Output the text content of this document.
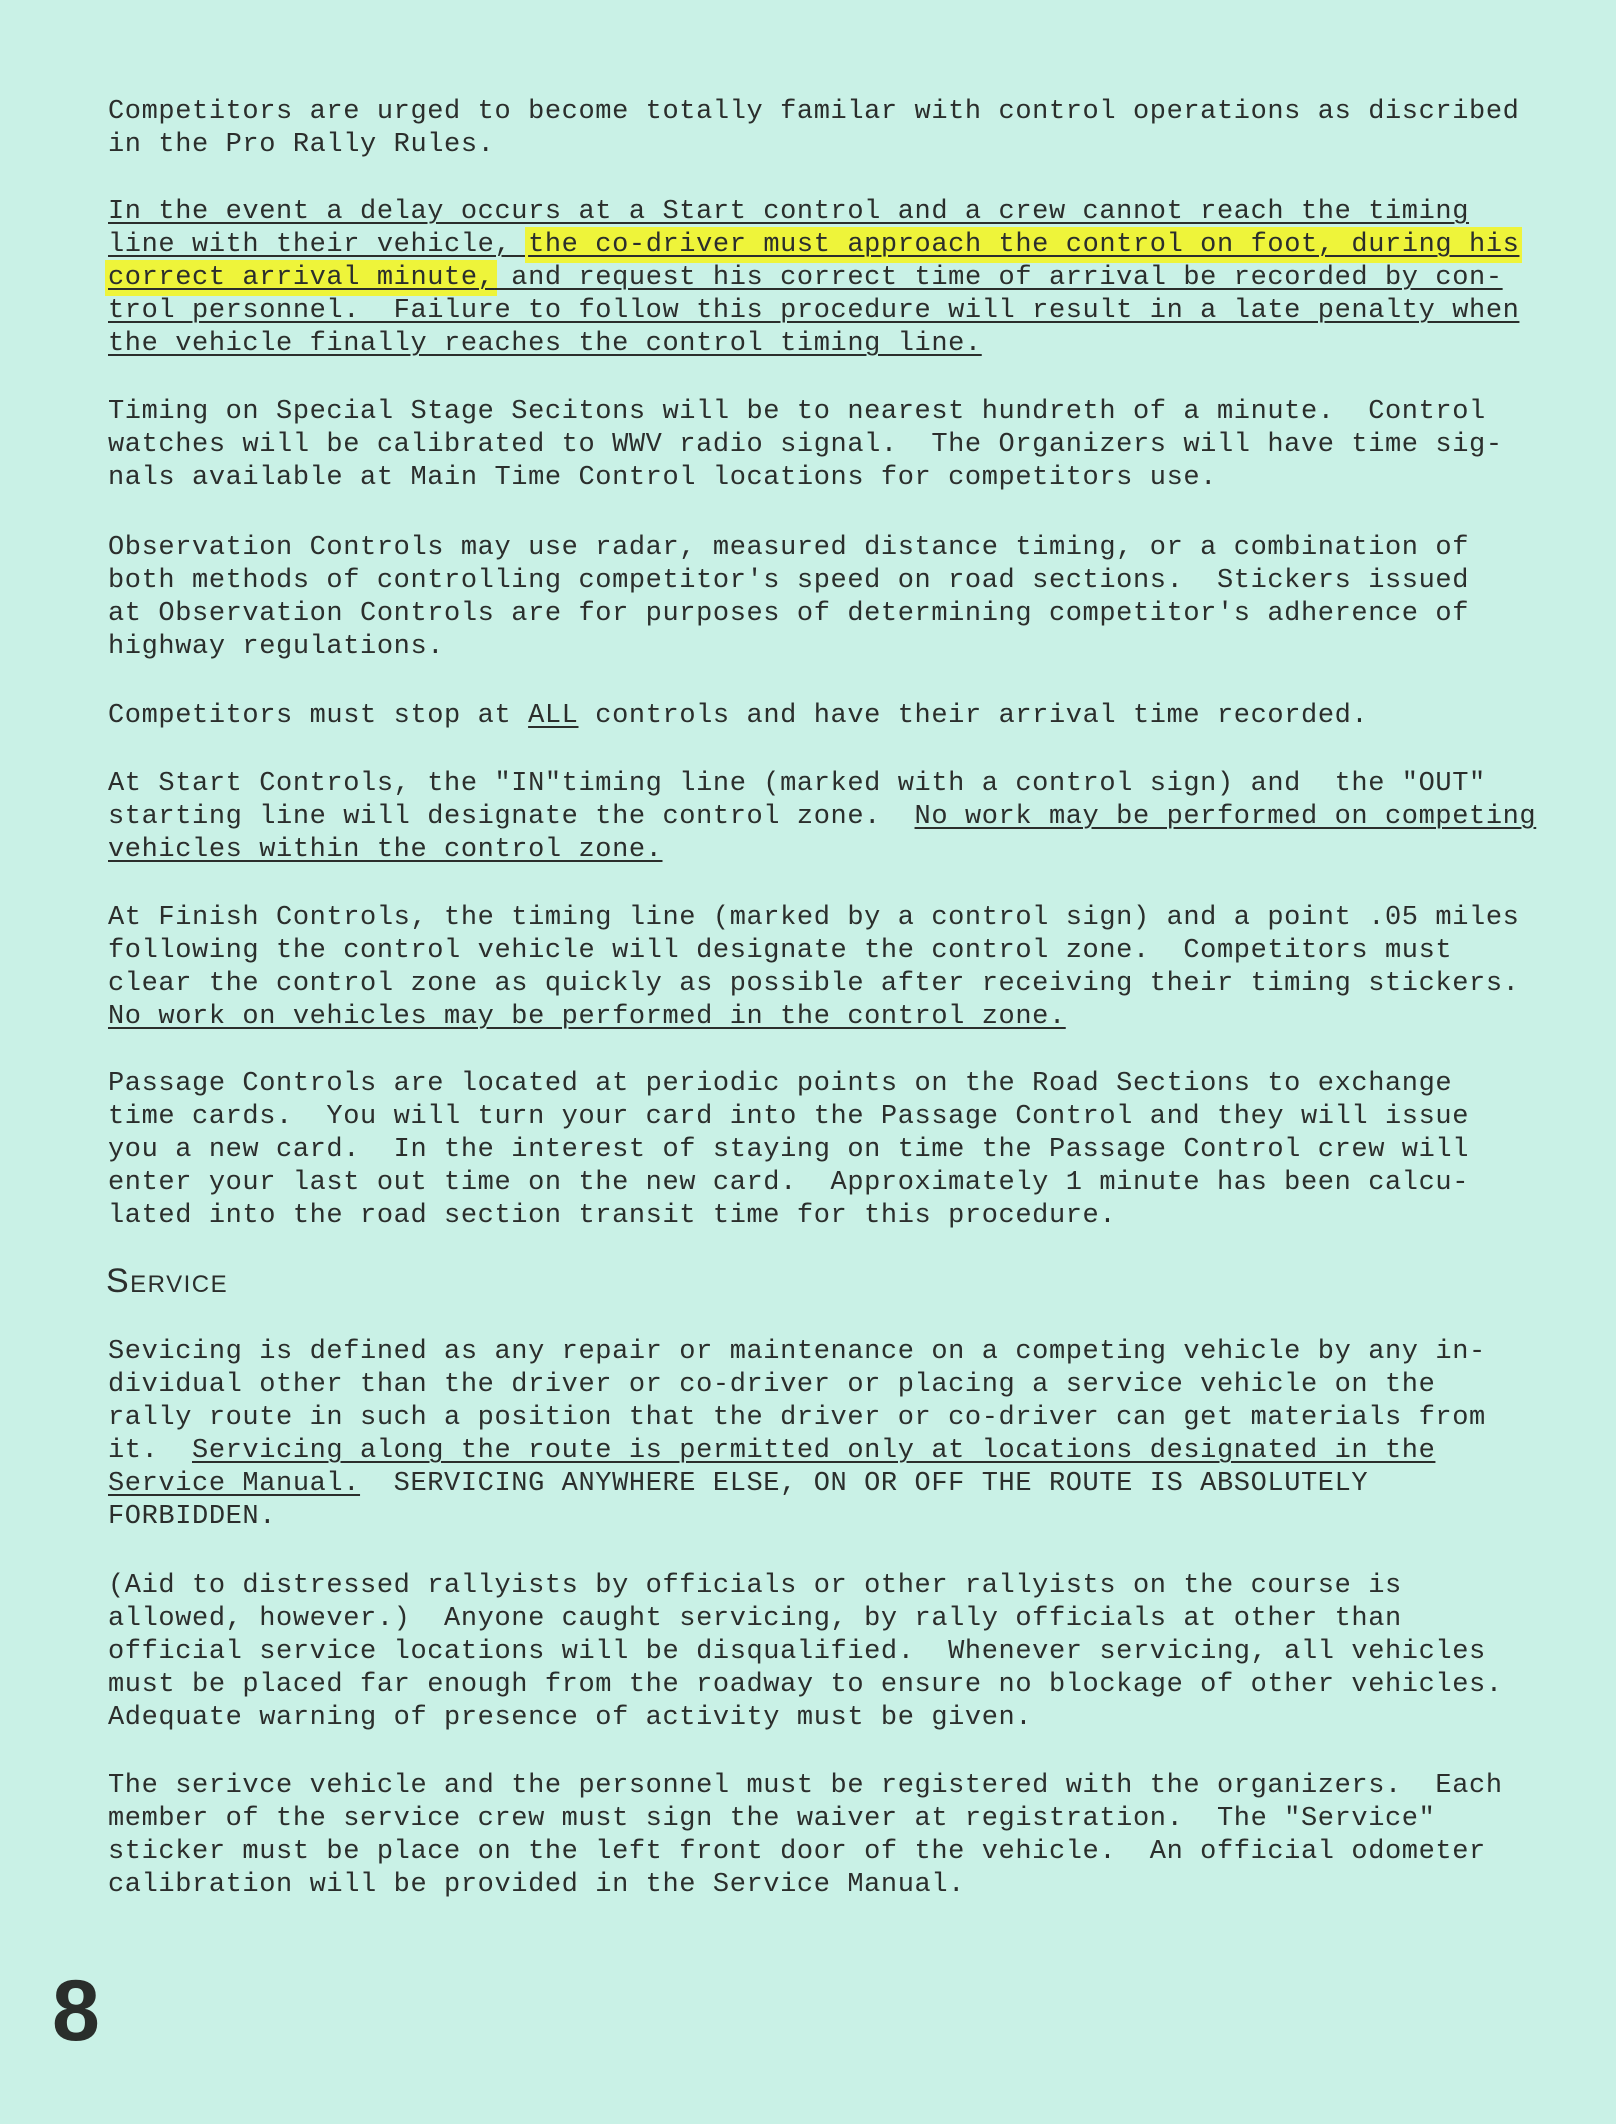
Competitors are urged to become totally familar with control operations as discribed
in the Pro Rally Rules.
In the event a delay occurs at a Start control and a crew cannot reach the timing
line with their vehicle, the co-driver must approach the control on foot, during his
correct arrival minute, and request his correct time of arrival be recorded by con-
trol personnel.  Failure to follow this procedure will result in a late penalty when
the vehicle finally reaches the control timing line.
Timing on Special Stage Secitons will be to nearest hundreth of a minute.  Control
watches will be calibrated to WWV radio signal.  The Organizers will have time sig-
nals available at Main Time Control locations for competitors use.
Observation Controls may use radar, measured distance timing, or a combination of
both methods of controlling competitor's speed on road sections.  Stickers issued
at Observation Controls are for purposes of determining competitor's adherence of
highway regulations.
Competitors must stop at ALL controls and have their arrival time recorded.
At Start Controls, the "IN"timing line (marked with a control sign) and  the "OUT"
starting line will designate the control zone.  No work may be performed on competing
vehicles within the control zone.
At Finish Controls, the timing line (marked by a control sign) and a point .05 miles
following the control vehicle will designate the control zone.  Competitors must
clear the control zone as quickly as possible after receiving their timing stickers.
No work on vehicles may be performed in the control zone.
Passage Controls are located at periodic points on the Road Sections to exchange
time cards.  You will turn your card into the Passage Control and they will issue
you a new card.  In the interest of staying on time the Passage Control crew will
enter your last out time on the new card.  Approximately 1 minute has been calcu-
lated into the road section transit time for this procedure.
Service
Sevicing is defined as any repair or maintenance on a competing vehicle by any in-
dividual other than the driver or co-driver or placing a service vehicle on the
rally route in such a position that the driver or co-driver can get materials from
it.  Servicing along the route is permitted only at locations designated in the
Service Manual.  SERVICING ANYWHERE ELSE, ON OR OFF THE ROUTE IS ABSOLUTELY
FORBIDDEN.
(Aid to distressed rallyists by officials or other rallyists on the course is
allowed, however.)  Anyone caught servicing, by rally officials at other than
official service locations will be disqualified.  Whenever servicing, all vehicles
must be placed far enough from the roadway to ensure no blockage of other vehicles.
Adequate warning of presence of activity must be given.
The serivce vehicle and the personnel must be registered with the organizers.  Each
member of the service crew must sign the waiver at registration.  The "Service"
sticker must be place on the left front door of the vehicle.  An official odometer
calibration will be provided in the Service Manual.
8
